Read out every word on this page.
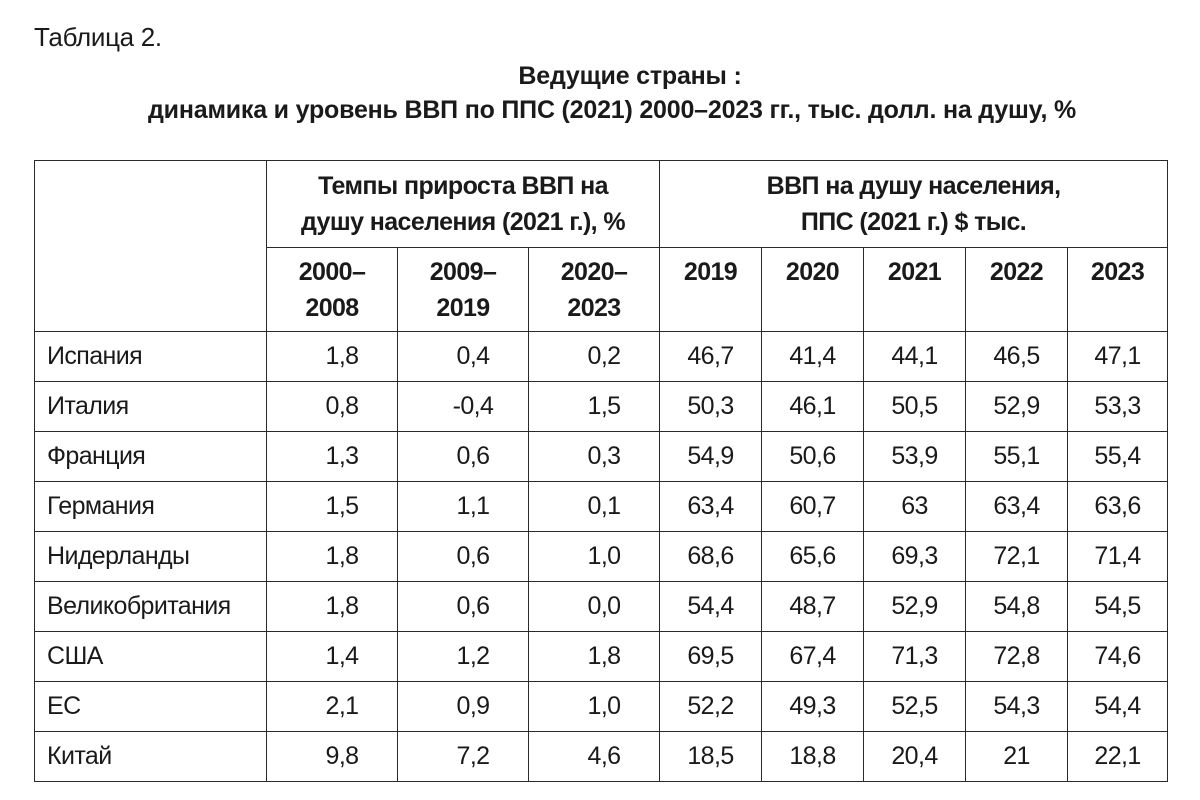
Таблица 2.
Ведущие страны :
динамика и уровень ВВП по ППС (2021) 2000–2023 гг., тыс. долл. на душу, %
	Темпы прироста ВВП на
душу населения (2021 г.), %			ВВП на душу населения,
ППС (2021 г.) $ тыс.				
	2000–
2008	2009–
2019	2020–
2023	2019	2020	2021	2022	2023
Испания	1,8	0,4	0,2	46,7	41,4	44,1	46,5	47,1
Италия	0,8	-0,4	1,5	50,3	46,1	50,5	52,9	53,3
Франция	1,3	0,6	0,3	54,9	50,6	53,9	55,1	55,4
Германия	1,5	1,1	0,1	63,4	60,7	63	63,4	63,6
Нидерланды	1,8	0,6	1,0	68,6	65,6	69,3	72,1	71,4
Великобритания	1,8	0,6	0,0	54,4	48,7	52,9	54,8	54,5
США	1,4	1,2	1,8	69,5	67,4	71,3	72,8	74,6
ЕС	2,1	0,9	1,0	52,2	49,3	52,5	54,3	54,4
Китай	9,8	7,2	4,6	18,5	18,8	20,4	21	22,1
